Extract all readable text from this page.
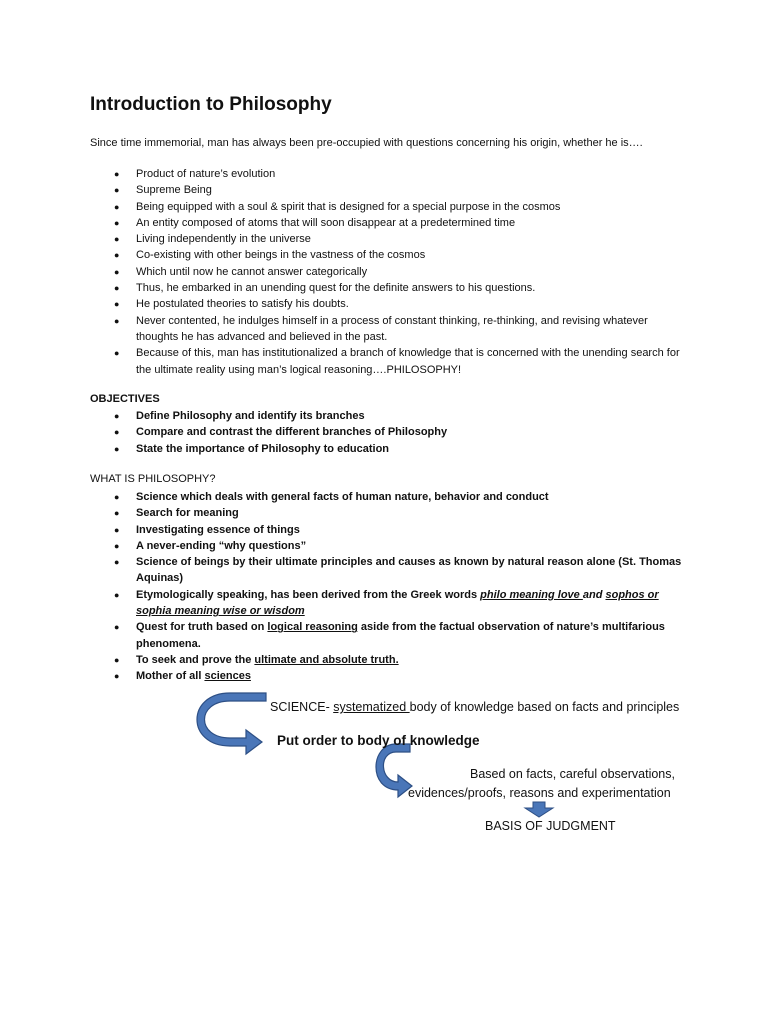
Introduction to Philosophy
Since time immemorial, man has always been pre-occupied with questions concerning his origin, whether he is….
● Product of nature’s evolution
● Supreme Being
● Being equipped with a soul & spirit that is designed for a special purpose in the cosmos
● An entity composed of atoms that will soon disappear at a predetermined time
● Living independently in the universe
● Co-existing with other beings in the vastness of the cosmos
● Which until now he cannot answer categorically
● Thus, he embarked in an unending quest for the definite answers to his questions.
● He postulated theories to satisfy his doubts.
● Never contented, he indulges himself in a process of constant thinking, re-thinking, and revising whatever thoughts he has advanced and believed in the past.
● Because of this, man has institutionalized a branch of knowledge that is concerned with the unending search for the ultimate reality using man’s logical reasoning….PHILOSOPHY!
OBJECTIVES
● Define Philosophy and identify its branches
● Compare and contrast the different branches of Philosophy
● State the importance of Philosophy to education
WHAT IS PHILOSOPHY?
● Science which deals with general facts of human nature, behavior and conduct
● Search for meaning
● Investigating essence of things
● A never-ending “why questions”
● Science of beings by their ultimate principles and causes as known by natural reason alone (St. Thomas Aquinas)
● Etymologically speaking, has been derived from the Greek words philo meaning love and sophos or sophia meaning wise or wisdom
● Quest for truth based on logical reasoning aside from the factual observation of nature’s multifarious phenomena.
● To seek and prove the ultimate and absolute truth.
● Mother of all sciences
SCIENCE- systematized body of knowledge based on facts and principles
Put order to body of knowledge
Based on facts, careful observations,
evidences/proofs, reasons and experimentation
BASIS OF JUDGMENT
